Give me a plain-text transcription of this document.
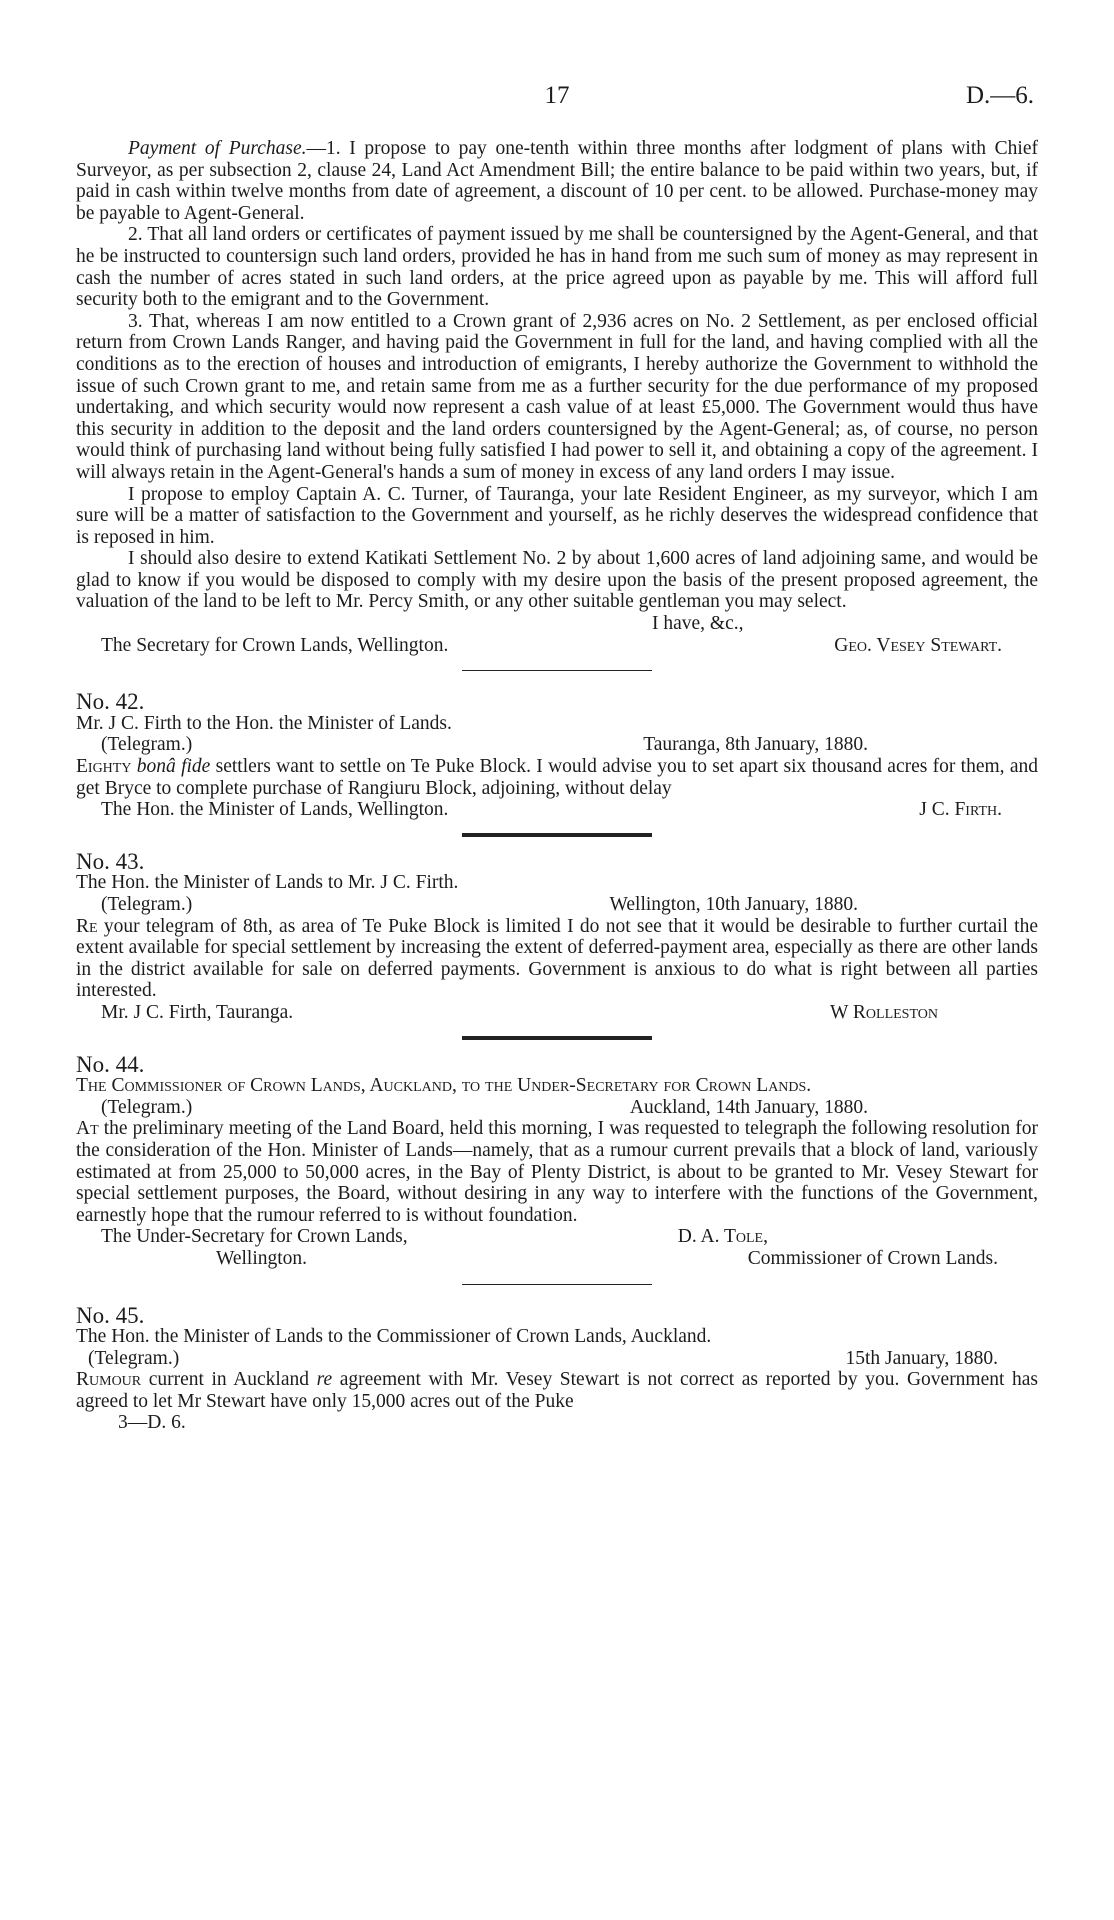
17	D.—6.

Payment of Purchase.—1. I propose to pay one-tenth within three months after lodgment of plans with Chief Surveyor, as per subsection 2, clause 24, Land Act Amendment Bill; the entire balance to be paid within two years, but, if paid in cash within twelve months from date of agreement, a discount of 10 per cent. to be allowed. Purchase-money may be payable to Agent-General.

2. That all land orders or certificates of payment issued by me shall be countersigned by the Agent-General, and that he be instructed to countersign such land orders, provided he has in hand from me such sum of money as may represent in cash the number of acres stated in such land orders, at the price agreed upon as payable by me. This will afford full security both to the emigrant and to the Government.

3. That, whereas I am now entitled to a Crown grant of 2,936 acres on No. 2 Settlement, as per enclosed official return from Crown Lands Ranger, and having paid the Government in full for the land, and having complied with all the conditions as to the erection of houses and introduction of emigrants, I hereby authorize the Government to withhold the issue of such Crown grant to me, and retain same from me as a further security for the due performance of my proposed undertaking, and which security would now represent a cash value of at least £5,000. The Government would thus have this security in addition to the deposit and the land orders countersigned by the Agent-General; as, of course, no person would think of purchasing land without being fully satisfied I had power to sell it, and obtaining a copy of the agreement. I will always retain in the Agent-General's hands a sum of money in excess of any land orders I may issue.

I propose to employ Captain A. C. Turner, of Tauranga, your late Resident Engineer, as my surveyor, which I am sure will be a matter of satisfaction to the Government and yourself, as he richly deserves the widespread confidence that is reposed in him.

I should also desire to extend Katikati Settlement No. 2 by about 1,600 acres of land adjoining same, and would be glad to know if you would be disposed to comply with my desire upon the basis of the present proposed agreement, the valuation of the land to be left to Mr. Percy Smith, or any other suitable gentleman you may select.

I have, &c.,

The Secretary for Crown Lands, Wellington.	Geo. Vesey Stewart.

No. 42.

Mr. J C. Firth to the Hon. the Minister of Lands.

(Telegram.)	Tauranga, 8th January, 1880.

Eighty bonâ fide settlers want to settle on Te Puke Block. I would advise you to set apart six thousand acres for them, and get Bryce to complete purchase of Rangiuru Block, adjoining, without delay

The Hon. the Minister of Lands, Wellington.	J C. Firth.

No. 43.

The Hon. the Minister of Lands to Mr. J C. Firth.

(Telegram.)	Wellington, 10th January, 1880.

Re your telegram of 8th, as area of Te Puke Block is limited I do not see that it would be desirable to further curtail the extent available for special settlement by increasing the extent of deferred-payment area, especially as there are other lands in the district available for sale on deferred payments. Government is anxious to do what is right between all parties interested.

Mr. J C. Firth, Tauranga.	W Rolleston

No. 44.

The Commissioner of Crown Lands, Auckland, to the Under-Secretary for Crown Lands.

(Telegram.)	Auckland, 14th January, 1880.

At the preliminary meeting of the Land Board, held this morning, I was requested to telegraph the following resolution for the consideration of the Hon. Minister of Lands—namely, that as a rumour current prevails that a block of land, variously estimated at from 25,000 to 50,000 acres, in the Bay of Plenty District, is about to be granted to Mr. Vesey Stewart for special settlement purposes, the Board, without desiring in any way to interfere with the functions of the Government, earnestly hope that the rumour referred to is without foundation.

The Under-Secretary for Crown Lands,	D. A. Tole,
Wellington.	Commissioner of Crown Lands.

No. 45.

The Hon. the Minister of Lands to the Commissioner of Crown Lands, Auckland.

(Telegram.)	15th January, 1880.

Rumour current in Auckland re agreement with Mr. Vesey Stewart is not correct as reported by you. Government has agreed to let Mr Stewart have only 15,000 acres out of the Puke

3—D. 6.
